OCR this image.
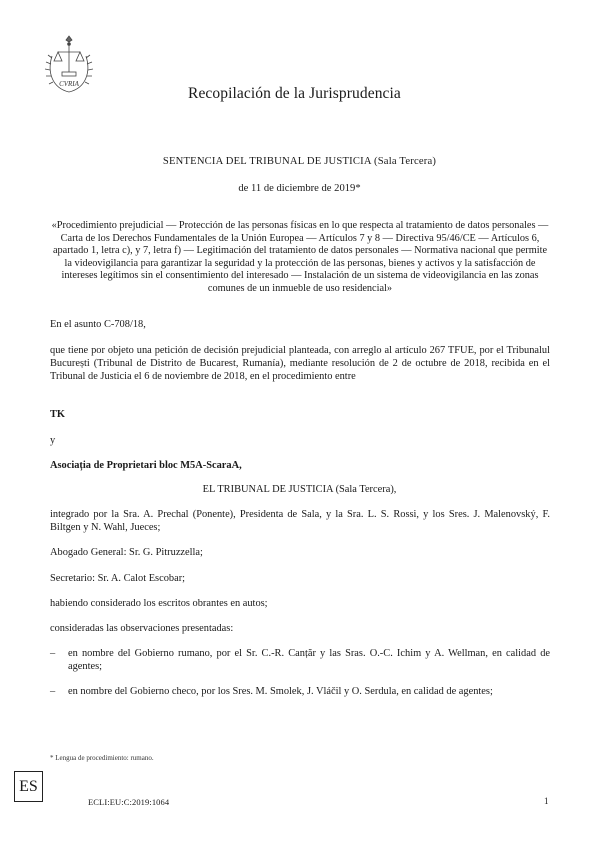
CVRIA
Recopilación de la Jurisprudencia
SENTENCIA DEL TRIBUNAL DE JUSTICIA (Sala Tercera)
de 11 de diciembre de 2019*
«Procedimiento prejudicial — Protección de las personas físicas en lo que respecta al tratamiento de datos personales — Carta de los Derechos Fundamentales de la Unión Europea — Artículos 7 y 8 — Directiva 95/46/CE — Artículos 6, apartado 1, letra c), y 7, letra f) — Legitimación del tratamiento de datos personales — Normativa nacional que permite la videovigilancia para garantizar la seguridad y la protección de las personas, bienes y activos y la satisfacción de intereses legítimos sin el consentimiento del interesado — Instalación de un sistema de videovigilancia en las zonas comunes de un inmueble de uso residencial»
En el asunto C-708/18,
que tiene por objeto una petición de decisión prejudicial planteada, con arreglo al artículo 267 TFUE, por el Tribunalul București (Tribunal de Distrito de Bucarest, Rumanía), mediante resolución de 2 de octubre de 2018, recibida en el Tribunal de Justicia el 6 de noviembre de 2018, en el procedimiento entre
TK
y
Asociația de Proprietari bloc M5A-ScaraA,
EL TRIBUNAL DE JUSTICIA (Sala Tercera),
integrado por la Sra. A. Prechal (Ponente), Presidenta de Sala, y la Sra. L. S. Rossi, y los Sres. J. Malenovský, F. Biltgen y N. Wahl, Jueces;
Abogado General: Sr. G. Pitruzzella;
Secretario: Sr. A. Calot Escobar;
habiendo considerado los escritos obrantes en autos;
consideradas las observaciones presentadas:
– en nombre del Gobierno rumano, por el Sr. C.-R. Canțăr y las Sras. O.-C. Ichim y A. Wellman, en calidad de agentes;
– en nombre del Gobierno checo, por los Sres. M. Smolek, J. Vláčil y O. Serdula, en calidad de agentes;
* Lengua de procedimiento: rumano.
ES
ECLI:EU:C:2019:1064	1
